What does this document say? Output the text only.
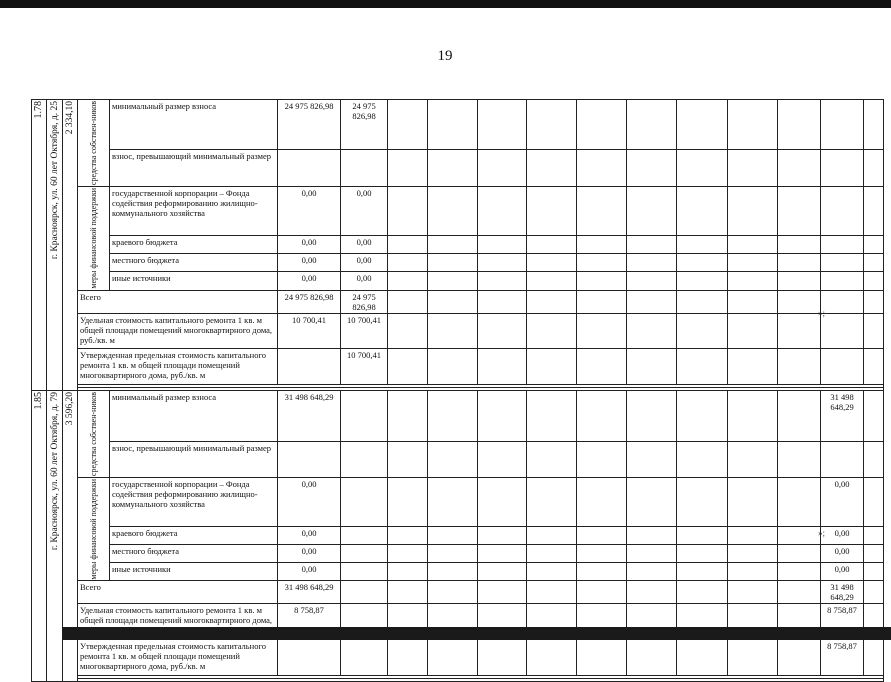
19
»;
»;
1.78	г. Красноярск, ул. 60 лет Октября, д. 25	2 334,10	средства собствен-ников	минимальный размер взноса	24 975 826,98	24 975 826,98											
				взнос, превышающий минимальный размер													

			меры финансовой поддержки	государственной корпорации – Фонда содействия реформированию жилищно-коммунального хозяйства	0,00	0,00											
				краевого бюджета	0,00	0,00											
				местного бюджета	0,00	0,00											
				иные источники	0,00	0,00											
			Всего		24 975 826,98	24 975 826,98											
			Удельная стоимость капитального ремонта 1 кв. м общей площади помещений многоквартирного дома, руб./кв. м		10 700,41	10 700,41											
			Утвержденная предельная стоимость капитального ремонта 1 кв. м общей площади помещений многоквартирного дома, руб./кв. м			10 700,41											

1.85	г. Красноярск, ул. 60 лет Октября, д. 79	3 596,20	средства собствен-ников	минимальный размер взноса	31 498 648,29											31 498 648,29	
				взнос, превышающий минимальный размер													

			меры финансовой поддержки	государственной корпорации – Фонда содействия реформированию жилищно-коммунального хозяйства	0,00											0,00	
				краевого бюджета	0,00											0,00	
				местного бюджета	0,00											0,00	
				иные источники	0,00											0,00	
			Всего		31 498 648,29											31 498 648,29	
			Удельная стоимость капитального ремонта 1 кв. м общей площади помещений многоквартирного дома,		8 758,87											8 758,87	
			Утвержденная предельная стоимость капитального ремонта 1 кв. м общей площади помещений многоквартирного дома, руб./кв. м													8 758,87	
